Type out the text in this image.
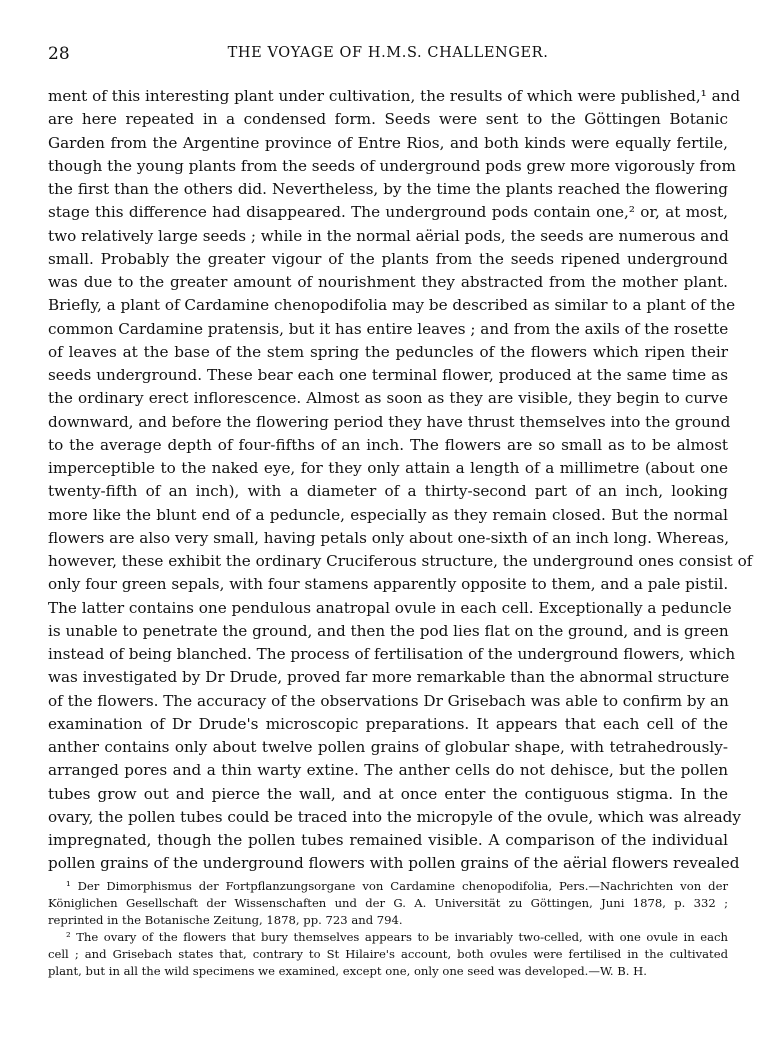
28	THE VOYAGE OF H.M.S. CHALLENGER.
ment of this interesting plant under cultivation, the results of which were published,¹ and
are here repeated in a condensed form. Seeds were sent to the Göttingen Botanic
Garden from the Argentine province of Entre Rios, and both kinds were equally fertile,
though the young plants from the seeds of underground pods grew more vigorously from
the first than the others did. Nevertheless, by the time the plants reached the flowering
stage this difference had disappeared. The underground pods contain one,² or, at most,
two relatively large seeds ; while in the normal aërial pods, the seeds are numerous and
small. Probably the greater vigour of the plants from the seeds ripened underground
was due to the greater amount of nourishment they abstracted from the mother plant.
Briefly, a plant of Cardamine chenopodifolia may be described as similar to a plant of the
common Cardamine pratensis, but it has entire leaves ; and from the axils of the rosette
of leaves at the base of the stem spring the peduncles of the flowers which ripen their
seeds underground. These bear each one terminal flower, produced at the same time as
the ordinary erect inflorescence. Almost as soon as they are visible, they begin to curve
downward, and before the flowering period they have thrust themselves into the ground
to the average depth of four-fifths of an inch. The flowers are so small as to be almost
imperceptible to the naked eye, for they only attain a length of a millimetre (about one
twenty-fifth of an inch), with a diameter of a thirty-second part of an inch, looking
more like the blunt end of a peduncle, especially as they remain closed. But the normal
flowers are also very small, having petals only about one-sixth of an inch long. Whereas,
however, these exhibit the ordinary Cruciferous structure, the underground ones consist of
only four green sepals, with four stamens apparently opposite to them, and a pale pistil.
The latter contains one pendulous anatropal ovule in each cell. Exceptionally a peduncle
is unable to penetrate the ground, and then the pod lies flat on the ground, and is green
instead of being blanched. The process of fertilisation of the underground flowers, which
was investigated by Dr Drude, proved far more remarkable than the abnormal structure
of the flowers. The accuracy of the observations Dr Grisebach was able to confirm by an
examination of Dr Drude's microscopic preparations. It appears that each cell of the
anther contains only about twelve pollen grains of globular shape, with tetrahedrously-
arranged pores and a thin warty extine. The anther cells do not dehisce, but the pollen
tubes grow out and pierce the wall, and at once enter the contiguous stigma. In the
ovary, the pollen tubes could be traced into the micropyle of the ovule, which was already
impregnated, though the pollen tubes remained visible. A comparison of the individual
pollen grains of the underground flowers with pollen grains of the aërial flowers revealed
¹ Der Dimorphismus der Fortpflanzungsorgane von Cardamine chenopodifolia, Pers.—Nachrichten von der
Königlichen Gesellschaft der Wissenschaften und der G. A. Universität zu Göttingen, Juni 1878, p. 332 ;
reprinted in the Botanische Zeitung, 1878, pp. 723 and 794.
² The ovary of the flowers that bury themselves appears to be invariably two-celled, with one ovule in each
cell ; and Grisebach states that, contrary to St Hilaire's account, both ovules were fertilised in the cultivated
plant, but in all the wild specimens we examined, except one, only one seed was developed.—W. B. H.
